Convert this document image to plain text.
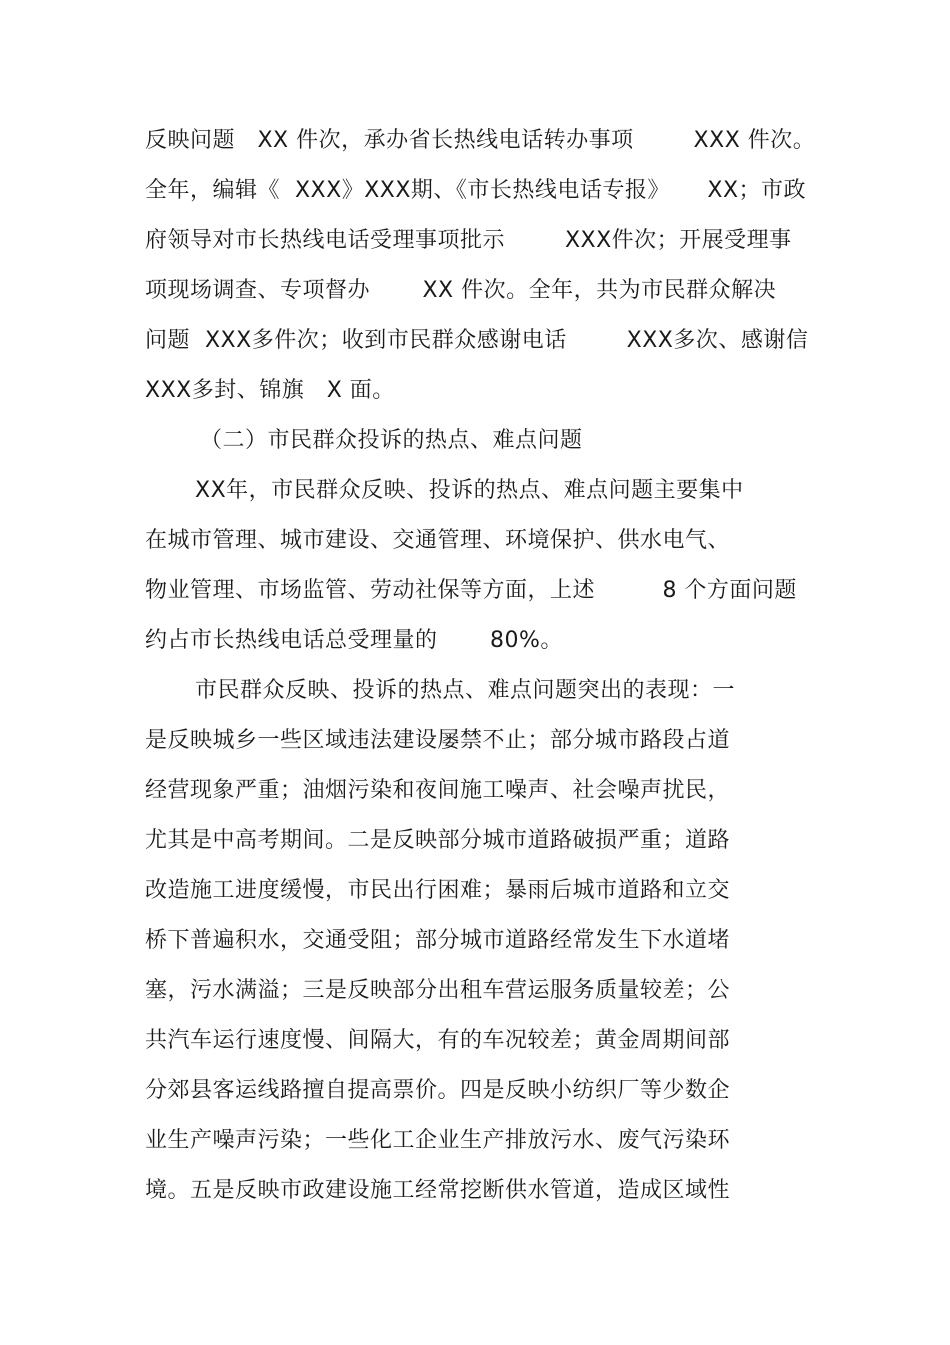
反映问题   XX 件次，承办省长热线电话转办事项        XXX 件次。
全年，编辑《  XXX》XXX期、《市长热线电话专报》     XX；市政
府领导对市长热线电话受理事项批示        XXX件次；开展受理事
项现场调查、专项督办       XX 件次。全年，共为市民群众解决
问题  XXX多件次；收到市民群众感谢电话        XXX多次、感谢信
XXX多封、锦旗   X 面。
（二）市民群众投诉的热点、难点问题
XX年，市民群众反映、投诉的热点、难点问题主要集中
在城市管理、城市建设、交通管理、环境保护、供水电气、
物业管理、市场监管、劳动社保等方面，上述         8 个方面问题
约占市长热线电话总受理量的       80%。
市民群众反映、投诉的热点、难点问题突出的表现：一
是反映城乡一些区域违法建设屡禁不止；部分城市路段占道
经营现象严重；油烟污染和夜间施工噪声、社会噪声扰民，
尤其是中高考期间。二是反映部分城市道路破损严重；道路
改造施工进度缓慢，市民出行困难；暴雨后城市道路和立交
桥下普遍积水，交通受阻；部分城市道路经常发生下水道堵
塞，污水满溢；三是反映部分出租车营运服务质量较差；公
共汽车运行速度慢、间隔大，有的车况较差；黄金周期间部
分郊县客运线路擅自提高票价。四是反映小纺织厂等少数企
业生产噪声污染；一些化工企业生产排放污水、废气污染环
境。五是反映市政建设施工经常挖断供水管道，造成区域性
